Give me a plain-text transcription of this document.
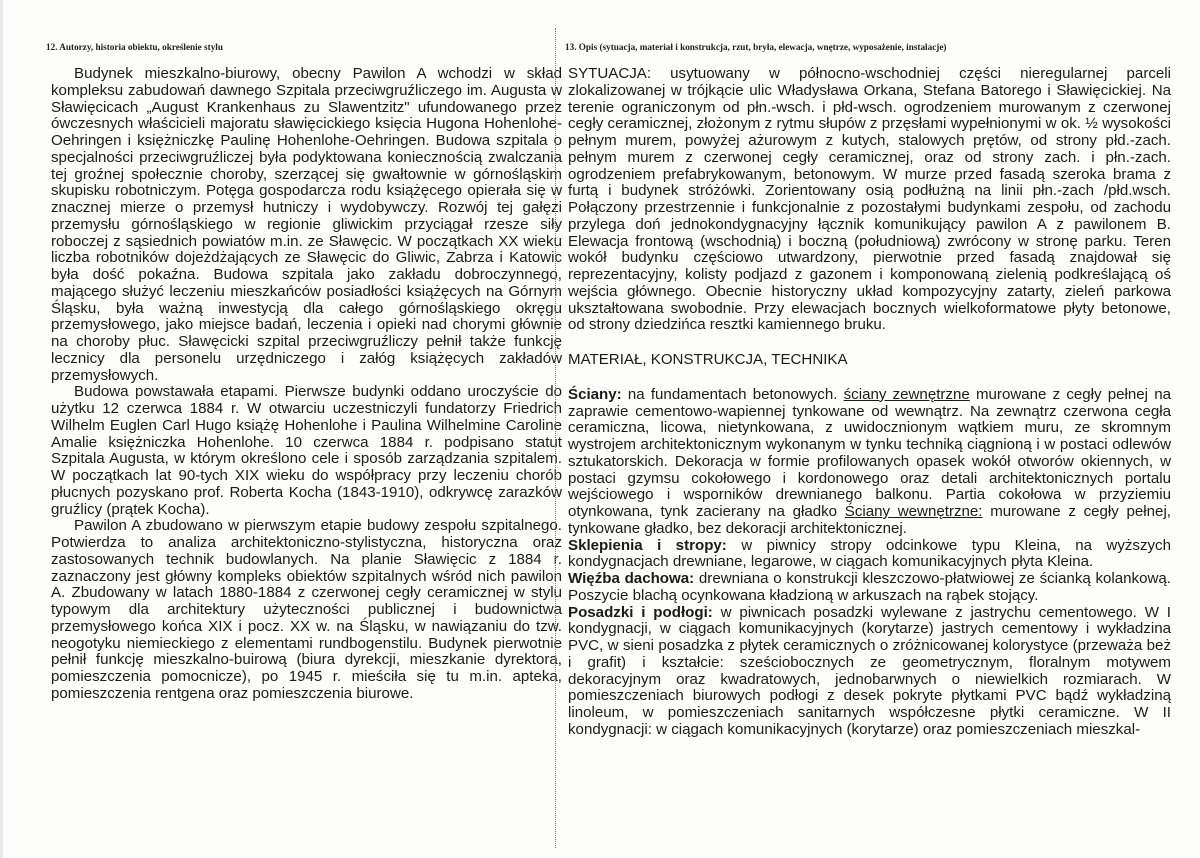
12. Autorzy, historia obiektu, określenie stylu

Budynek mieszkalno-biurowy, obecny Pawilon A wchodzi w skład kompleksu zabudowań dawnego Szpitala przeciwgruźliczego im. Augusta w Sławięcicach „August Krankenhaus zu Slawentzitz" ufundowanego przez ówczesnych właścicieli majoratu sławięcickiego księcia Hugona Hohenlohe-Oehringen i księżniczkę Paulinę Hohenlohe-Oehringen. Budowa szpitala o specjalności przeciwgruźliczej była podyktowana koniecznością zwalczania tej groźnej społecznie choroby, szerzącej się gwałtownie w górnośląskim skupisku robotniczym. Potęga gospodarcza rodu książęcego opierała się w znacznej mierze o przemysł hutniczy i wydobywczy. Rozwój tej gałęzi przemysłu górnośląskiego w regionie gliwickim przyciągał rzesze siły roboczej z sąsiednich powiatów m.in. ze Sławęcic. W początkach XX wieku liczba robotników dojeżdżających ze Sławęcic do Gliwic, Zabrza i Katowic była dość pokaźna. Budowa szpitala jako zakładu dobroczynnego, mającego służyć leczeniu mieszkańców posiadłości książęcych na Górnym Śląsku, była ważną inwestycją dla całego górnośląskiego okręgu przemysłowego, jako miejsce badań, leczenia i opieki nad chorymi głównie na choroby płuc. Sławęcicki szpital przeciwgruźliczy pełnił także funkcję lecznicy dla personelu urzędniczego i załóg książęcych zakładów przemysłowych.

Budowa powstawała etapami. Pierwsze budynki oddano uroczyście do użytku 12 czerwca 1884 r. W otwarciu uczestniczyli fundatorzy Friedrich Wilhelm Euglen Carl Hugo książę Hohenlohe i Paulina Wilhelmine Caroline Amalie księżniczka Hohenlohe. 10 czerwca 1884 r. podpisano statut Szpitala Augusta, w którym określono cele i sposób zarządzania szpitalem. W początkach lat 90-tych XIX wieku do współpracy przy leczeniu chorób płucnych pozyskano prof. Roberta Kocha (1843-1910), odkrywcę zarazków gruźlicy (prątek Kocha).

Pawilon A zbudowano w pierwszym etapie budowy zespołu szpitalnego. Potwierdza to analiza architektoniczno-stylistyczna, historyczna oraz zastosowanych technik budowlanych. Na planie Sławięcic z 1884 r. zaznaczony jest główny kompleks obiektów szpitalnych wśród nich pawilon A. Zbudowany w latach 1880-1884 z czerwonej cegły ceramicznej w stylu typowym dla architektury użyteczności publicznej i budownictwa przemysłowego końca XIX i pocz. XX w. na Śląsku, w nawiązaniu do tzw. neogotyku niemieckiego z elementami rundbogenstilu. Budynek pierwotnie pełnił funkcję mieszkalno-buirową (biura dyrekcji, mieszkanie dyrektora, pomieszczenia pomocnicze), po 1945 r. mieściła się tu m.in. apteka, pomieszczenia rentgena oraz pomieszczenia biurowe.

13. Opis (sytuacja, materiał i konstrukcja, rzut, bryła, elewacja, wnętrze, wyposażenie, instalacje)

SYTUACJA: usytuowany w północno-wschodniej części nieregularnej parceli zlokalizowanej w trójkącie ulic Władysława Orkana, Stefana Batorego i Sławięcickiej. Na terenie ograniczonym od płn.-wsch. i płd-wsch. ogrodzeniem murowanym z czerwonej cegły ceramicznej, złożonym z rytmu słupów z przęsłami wypełnionymi w ok. ½ wysokości pełnym murem, powyżej ażurowym z kutych, stalowych prętów, od strony płd.-zach. pełnym murem z czerwonej cegły ceramicznej, oraz od strony zach. i płn.-zach. ogrodzeniem prefabrykowanym, betonowym. W murze przed fasadą szeroka brama z furtą i budynek stróżówki. Zorientowany osią podłużną na linii płn.-zach /płd.wsch. Połączony przestrzennie i funkcjonalnie z pozostałymi budynkami zespołu, od zachodu przylega doń jednokondygnacyjny łącznik komunikujący pawilon A z pawilonem B. Elewacja frontową (wschodnią) i boczną (południową) zwrócony w stronę parku. Teren wokół budynku częściowo utwardzony, pierwotnie przed fasadą znajdował się reprezentacyjny, kolisty podjazd z gazonem i komponowaną zielenią podkreślającą oś wejścia głównego. Obecnie historyczny układ kompozycyjny zatarty, zieleń parkowa ukształtowana swobodnie. Przy elewacjach bocznych wielkoformatowe płyty betonowe, od strony dziedzińca resztki kamiennego bruku.

MATERIAŁ, KONSTRUKCJA, TECHNIKA

Ściany: na fundamentach betonowych. ściany zewnętrzne murowane z cegły pełnej na zaprawie cementowo-wapiennej tynkowane od wewnątrz. Na zewnątrz czerwona cegła ceramiczna, licowa, nietynkowana, z uwidocznionym wątkiem muru, ze skromnym wystrojem architektonicznym wykonanym w tynku techniką ciągnioną i w postaci odlewów sztukatorskich. Dekoracja w formie profilowanych opasek wokół otworów okiennych, w postaci gzymsu cokołowego i kordonowego oraz detali architektonicznych portalu wejściowego i wsporników drewnianego balkonu. Partia cokołowa w przyziemiu otynkowana, tynk zacierany na gładko Ściany wewnętrzne: murowane z cegły pełnej, tynkowane gładko, bez dekoracji architektonicznej.

Sklepienia i stropy: w piwnicy stropy odcinkowe typu Kleina, na wyższych kondygnacjach drewniane, legarowe, w ciągach komunikacyjnych płyta Kleina.

Więźba dachowa: drewniana o konstrukcji kleszczowo-płatwiowej ze ścianką kolankową. Poszycie blachą ocynkowana kładzioną w arkuszach na rąbek stojący.

Posadzki i podłogi: w piwnicach posadzki wylewane z jastrychu cementowego. W I kondygnacji, w ciągach komunikacyjnych (korytarze) jastrych cementowy i wykładzina PVC, w sieni posadzka z płytek ceramicznych o zróżnicowanej kolorystyce (przeważa beż i grafit) i kształcie: sześciobocznych ze geometrycznym, floralnym motywem dekoracyjnym oraz kwadratowych, jednobarwnych o niewielkich rozmiarach. W pomieszczeniach biurowych podłogi z desek pokryte płytkami PVC bądź wykładziną linoleum, w pomieszczeniach sanitarnych współczesne płytki ceramiczne. W II kondygnacji: w ciągach komunikacyjnych (korytarze) oraz pomieszczeniach mieszkal-
